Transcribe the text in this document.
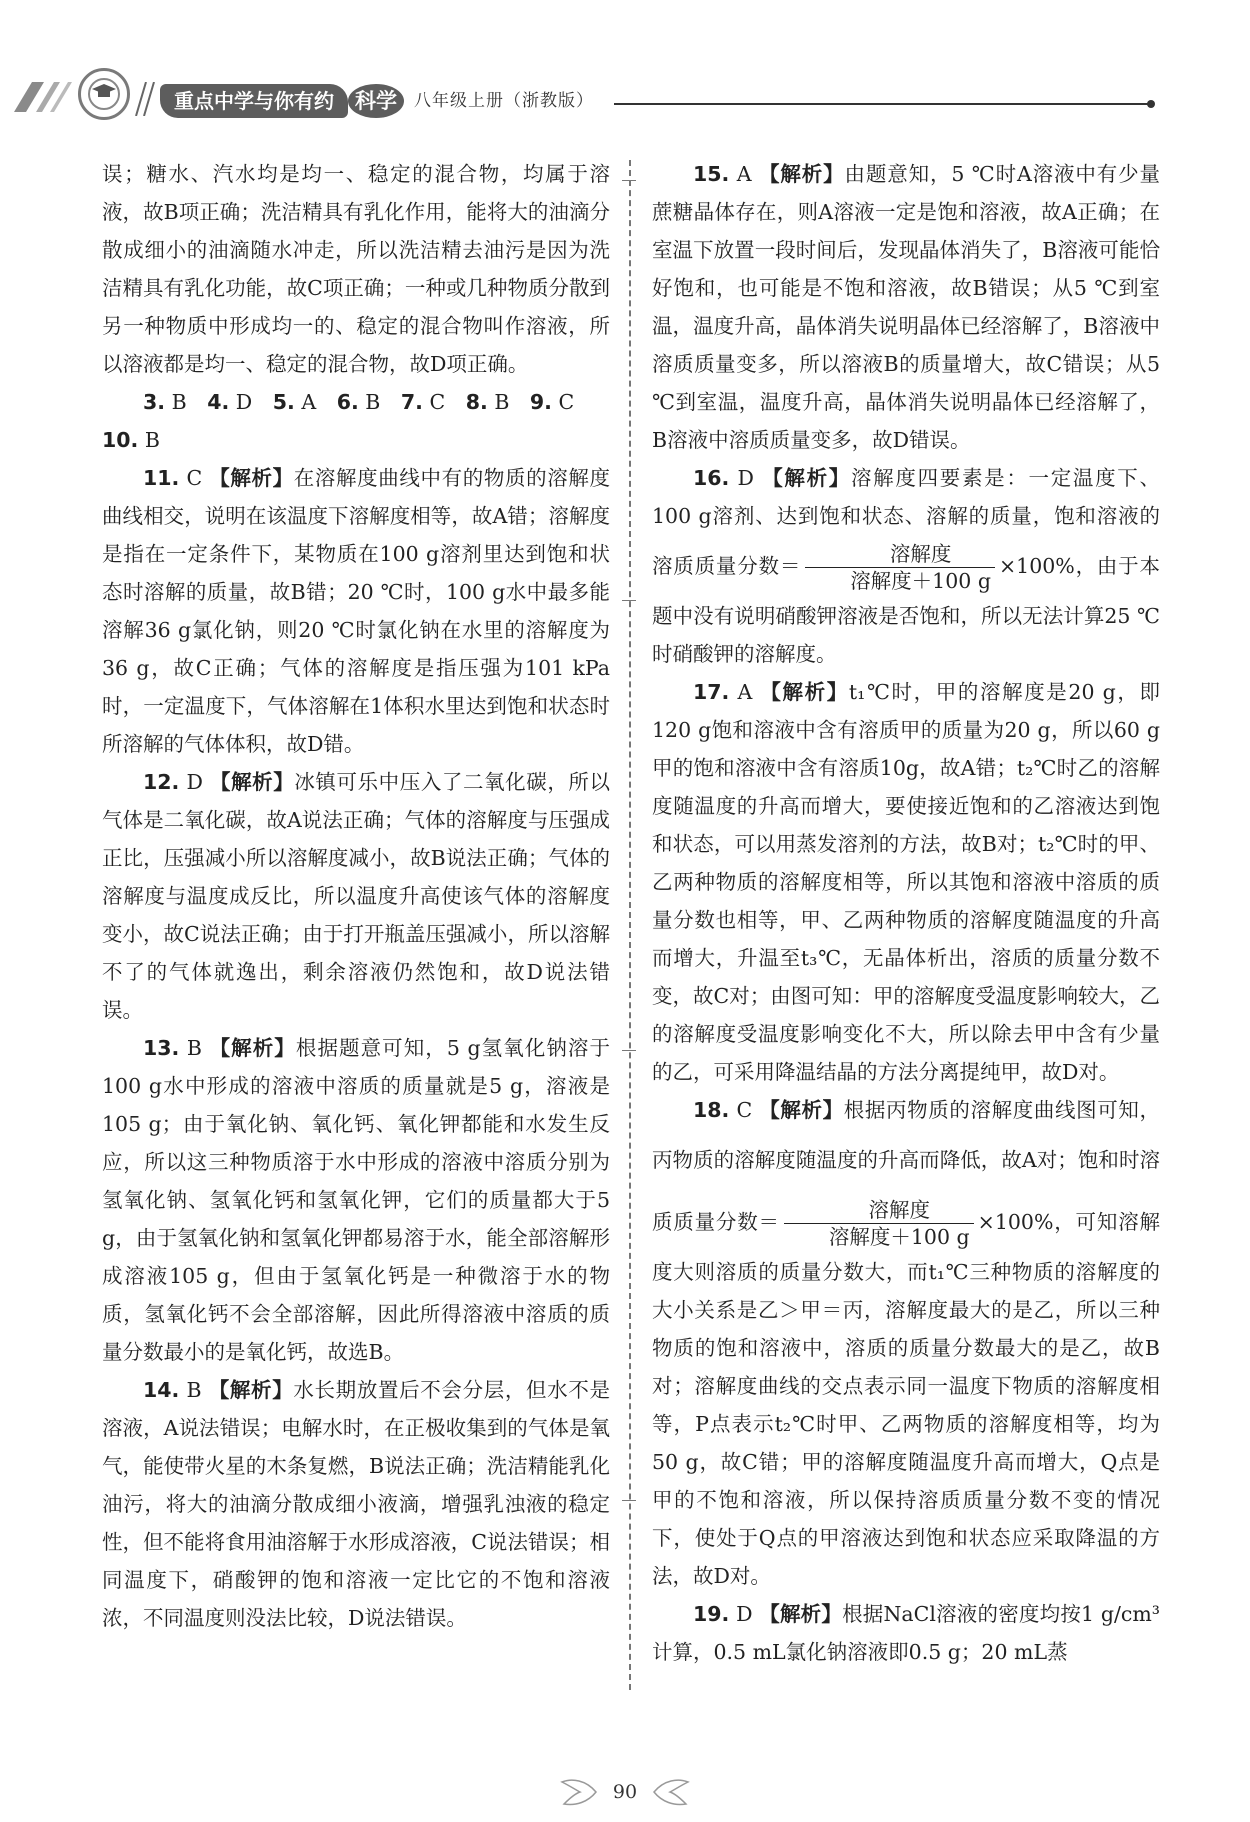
重点中学与你有约	科学	八年级上册（浙教版）

误；糖水、汽水均是均一、稳定的混合物，均属于溶液，故B项正确；洗洁精具有乳化作用，能将大的油滴分散成细小的油滴随水冲走，所以洗洁精去油污是因为洗洁精具有乳化功能，故C项正确；一种或几种物质分散到另一种物质中形成均一的、稳定的混合物叫作溶液，所以溶液都是均一、稳定的混合物，故D项正确。

3. B 4. D 5. A 6. B 7. C 8. B 9. C

10. B

11. C 【解析】在溶解度曲线中有的物质的溶解度曲线相交，说明在该温度下溶解度相等，故A错；溶解度是指在一定条件下，某物质在100 g溶剂里达到饱和状态时溶解的质量，故B错；20 ℃时，100 g水中最多能溶解36 g氯化钠，则20 ℃时氯化钠在水里的溶解度为36 g，故C正确；气体的溶解度是指压强为101 kPa时，一定温度下，气体溶解在1体积水里达到饱和状态时所溶解的气体体积，故D错。

12. D 【解析】冰镇可乐中压入了二氧化碳，所以气体是二氧化碳，故A说法正确；气体的溶解度与压强成正比，压强减小所以溶解度减小，故B说法正确；气体的溶解度与温度成反比，所以温度升高使该气体的溶解度变小，故C说法正确；由于打开瓶盖压强减小，所以溶解不了的气体就逸出，剩余溶液仍然饱和，故D说法错误。

13. B 【解析】根据题意可知，5 g氢氧化钠溶于100 g水中形成的溶液中溶质的质量就是5 g，溶液是105 g；由于氧化钠、氧化钙、氧化钾都能和水发生反应，所以这三种物质溶于水中形成的溶液中溶质分别为氢氧化钠、氢氧化钙和氢氧化钾，它们的质量都大于5 g，由于氢氧化钠和氢氧化钾都易溶于水，能全部溶解形成溶液105 g，但由于氢氧化钙是一种微溶于水的物质，氢氧化钙不会全部溶解，因此所得溶液中溶质的质量分数最小的是氧化钙，故选B。

14. B 【解析】水长期放置后不会分层，但水不是溶液，A说法错误；电解水时，在正极收集到的气体是氧气，能使带火星的木条复燃，B说法正确；洗洁精能乳化油污，将大的油滴分散成细小液滴，增强乳浊液的稳定性，但不能将食用油溶解于水形成溶液，C说法错误；相同温度下，硝酸钾的饱和溶液一定比它的不饱和溶液浓，不同温度则没法比较，D说法错误。

15. A 【解析】由题意知，5 ℃时A溶液中有少量蔗糖晶体存在，则A溶液一定是饱和溶液，故A正确；在室温下放置一段时间后，发现晶体消失了，B溶液可能恰好饱和，也可能是不饱和溶液，故B错误；从5 ℃到室温，温度升高，晶体消失说明晶体已经溶解了，B溶液中溶质质量变多，所以溶液B的质量增大，故C错误；从5 ℃到室温，温度升高，晶体消失说明晶体已经溶解了，B溶液中溶质质量变多，故D错误。

16. D 【解析】溶解度四要素是：一定温度下、100 g溶剂、达到饱和状态、溶解的质量，饱和溶液的溶质质量分数＝ $\frac{\text{溶解度}}{\text{溶解度＋100 g}} \times 100\%$，由于本题中没有说明硝酸钾溶液是否饱和，所以无法计算25 ℃时硝酸钾的溶解度。

17. A 【解析】t₁℃时，甲的溶解度是20 g，即120 g饱和溶液中含有溶质甲的质量为20 g，所以60 g甲的饱和溶液中含有溶质10g，故A错；t₂℃时乙的溶解度随温度的升高而增大，要使接近饱和的乙溶液达到饱和状态，可以用蒸发溶剂的方法，故B对；t₂℃时的甲、乙两种物质的溶解度相等，所以其饱和溶液中溶质的质量分数也相等，甲、乙两种物质的溶解度随温度的升高而增大，升温至t₃℃，无晶体析出，溶质的质量分数不变，故C对；由图可知：甲的溶解度受温度影响较大，乙的溶解度受温度影响变化不大，所以除去甲中含有少量的乙，可采用降温结晶的方法分离提纯甲，故D对。

18. C 【解析】根据丙物质的溶解度曲线图可知，丙物质的溶解度随温度的升高而降低，故A对；饱和时溶质质量分数＝ $\frac{\text{溶解度}}{\text{溶解度＋100 g}} \times 100\%$，可知溶解度大则溶质的质量分数大，而t₁℃三种物质的溶解度的大小关系是乙＞甲＝丙，溶解度最大的是乙，所以三种物质的饱和溶液中，溶质的质量分数最大的是乙，故B对；溶解度曲线的交点表示同一温度下物质的溶解度相等，P点表示t₂℃时甲、乙两物质的溶解度相等，均为50 g，故C错；甲的溶解度随温度升高而增大，Q点是甲的不饱和溶液，所以保持溶质质量分数不变的情况下，使处于Q点的甲溶液达到饱和状态应采取降温的方法，故D对。

19. D 【解析】根据NaCl溶液的密度均按1 g/cm³计算，0.5 mL氯化钠溶液即0.5 g；20 mL蒸

90
